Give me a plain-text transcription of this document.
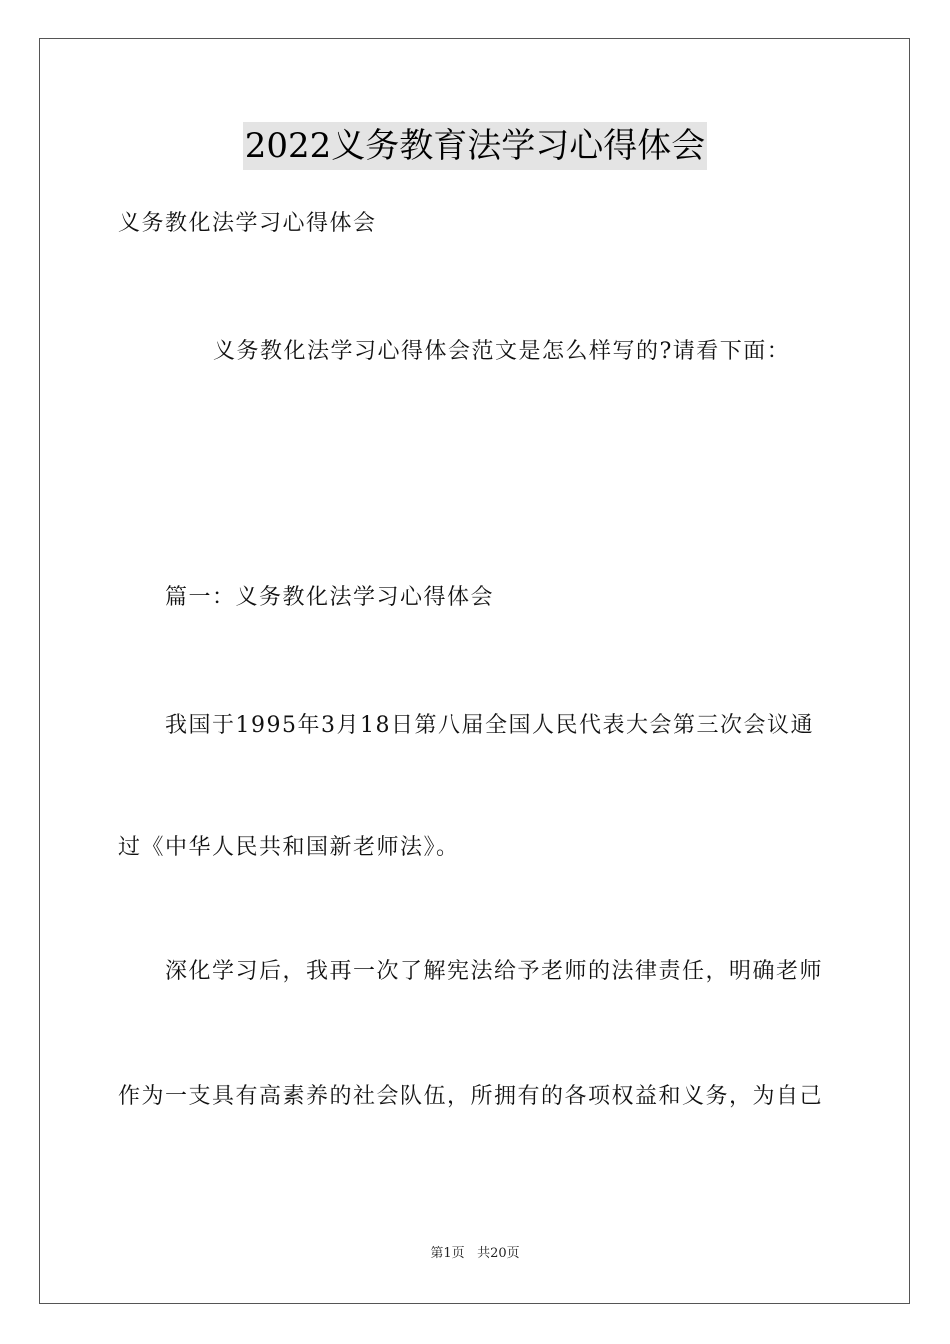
2022义务教育法学习心得体会
义务教化法学习心得体会
义务教化法学习心得体会范文是怎么样写的?请看下面：
篇一：义务教化法学习心得体会
我国于1995年3月18日第八届全国人民代表大会第三次会议通
过《中华人民共和国新老师法》。
深化学习后，我再一次了解宪法给予老师的法律责任，明确老师
作为一支具有高素养的社会队伍，所拥有的各项权益和义务，为自己
第1页 共20页
